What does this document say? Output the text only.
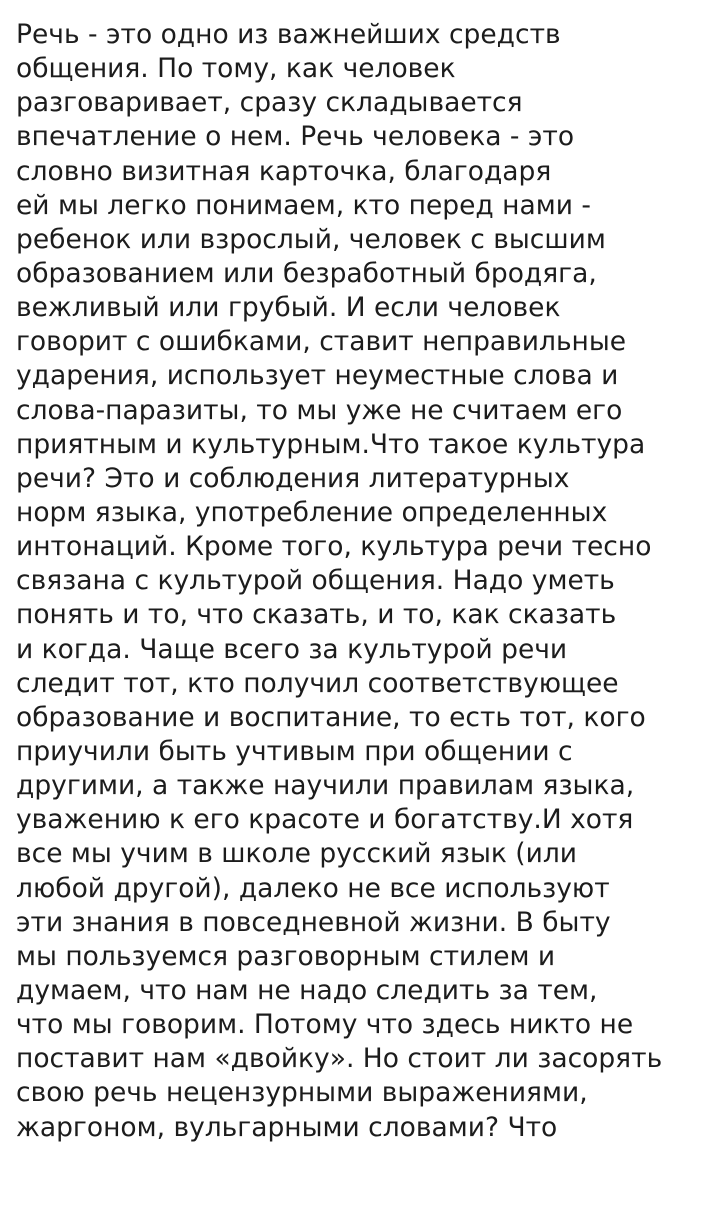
Речь - это одно из важнейших средств
общения. По тому, как человек
разговаривает, сразу складывается
впечатление о нем. Речь человека - это
словно визитная карточка, благодаря
ей мы легко понимаем, кто перед нами -
ребенок или взрослый, человек с высшим
образованием или безработный бродяга,
вежливый или грубый. И если человек
говорит с ошибками, ставит неправильные
ударения, использует неуместные слова и
слова-паразиты, то мы уже не считаем его
приятным и культурным.Что такое культура
речи? Это и соблюдения литературных
норм языка, употребление определенных
интонаций. Кроме того, культура речи тесно
связана с культурой общения. Надо уметь
понять и то, что сказать, и то, как сказать
и когда. Чаще всего за культурой речи
следит тот, кто получил соответствующее
образование и воспитание, то есть тот, кого
приучили быть учтивым при общении с
другими, а также научили правилам языка,
уважению к его красоте и богатству.И хотя
все мы учим в школе русский язык (или
любой другой), далеко не все используют
эти знания в повседневной жизни. В быту
мы пользуемся разговорным стилем и
думаем, что нам не надо следить за тем,
что мы говорим. Потому что здесь никто не
поставит нам «двойку». Но стоит ли засорять
свою речь нецензурными выражениями,
жаргоном, вульгарными словами? Что
